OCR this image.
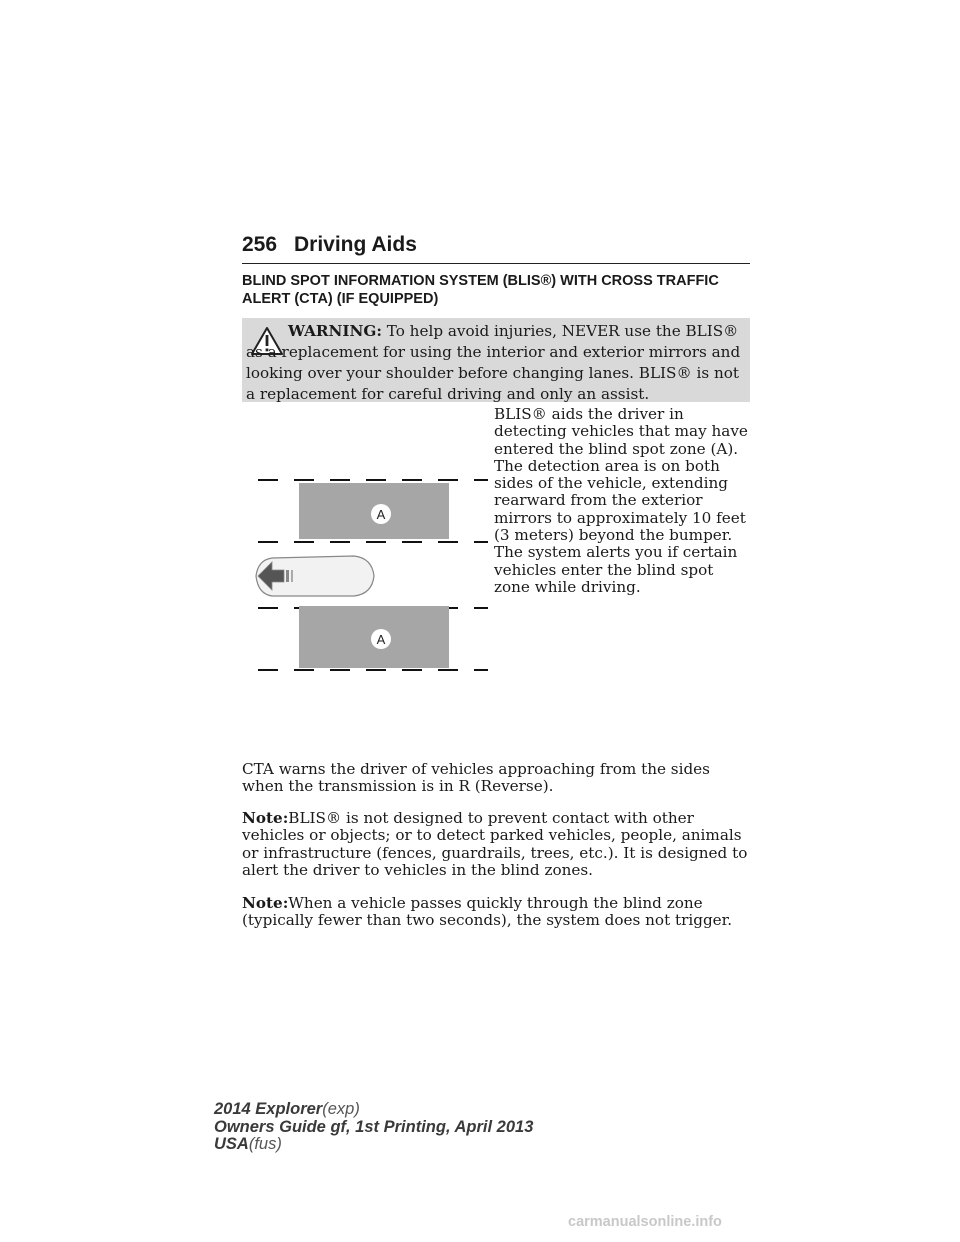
256 Driving Aids
BLIND SPOT INFORMATION SYSTEM (BLIS®) WITH CROSS TRAFFIC ALERT (CTA) (IF EQUIPPED)

WARNING: To help avoid injuries, NEVER use the BLIS® as a replacement for using the interior and exterior mirrors and looking over your shoulder before changing lanes. BLIS® is not a replacement for careful driving and only an assist.

A
A

BLIS® aids the driver in detecting vehicles that may have entered the blind spot zone (A). The detection area is on both sides of the vehicle, extending rearward from the exterior mirrors to approximately 10 feet (3 meters) beyond the bumper. The system alerts you if certain vehicles enter the blind spot zone while driving.

CTA warns the driver of vehicles approaching from the sides when the transmission is in R (Reverse).

Note:BLIS® is not designed to prevent contact with other vehicles or objects; or to detect parked vehicles, people, animals or infrastructure (fences, guardrails, trees, etc.). It is designed to alert the driver to vehicles in the blind zones.

Note:When a vehicle passes quickly through the blind zone (typically fewer than two seconds), the system does not trigger.

2014 Explorer(exp)
Owners Guide gf, 1st Printing, April 2013
USA(fus)
carmanualsonline.info
